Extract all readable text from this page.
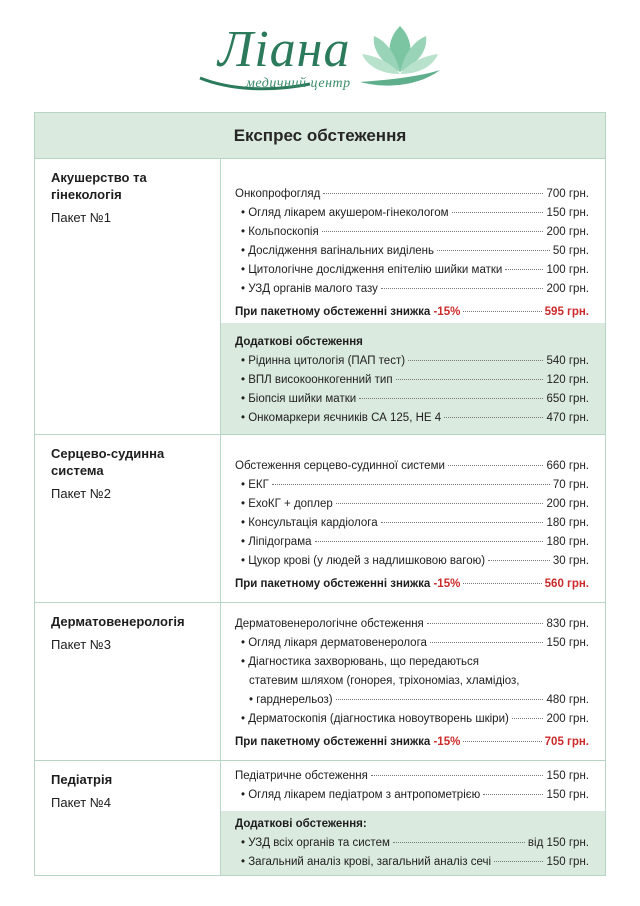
Ліана
медичний центр
Експрес обстеження
Акушерство та гінекологія
Пакет №1
Онкопрофогляд	700 грн.
• Огляд лікарем акушером-гінекологом	150 грн.
• Кольпоскопія	200 грн.
• Дослідження вагінальних виділень	50 грн.
• Цитологічне дослідження епітелію шийки матки	100 грн.
• УЗД органів малого тазу	200 грн.
При пакетному обстеженні знижка -15%	595 грн.
Додаткові обстеження
• Рідинна цитологія (ПАП тест)	540 грн.
• ВПЛ високоонкогенний тип	120 грн.
• Біопсія шийки матки	650 грн.
• Онкомаркери яєчників СА 125, НЕ 4	470 грн.
Серцево-судинна система
Пакет №2
Обстеження серцево-судинної системи	660 грн.
• ЕКГ	70 грн.
• ЕхоКГ + доплер	200 грн.
• Консультація кардіолога	180 грн.
• Ліпідограма	180 грн.
• Цукор крові (у людей з надлишковою вагою)	30 грн.
При пакетному обстеженні знижка -15%	560 грн.
Дерматовенерологія
Пакет №3
Дерматовенерологічне обстеження	830 грн.
• Огляд лікаря дерматовенеролога	150 грн.
• Діагностика захворювань, що передаються
статевим шляхом (гонорея, тріхономіаз, хламідіоз,
• гарднерельоз)	480 грн.
• Дерматоскопія (діагностика новоутворень шкіри)	200 грн.
При пакетному обстеженні знижка -15%	705 грн.
Педіатрія
Пакет №4
Педіатричне обстеження	150 грн.
• Огляд лікарем педіатром з антропометрією	150 грн.
Додаткові обстеження:
• УЗД всіх органів та систем	від 150 грн.
• Загальний аналіз крові, загальний аналіз сечі	150 грн.
